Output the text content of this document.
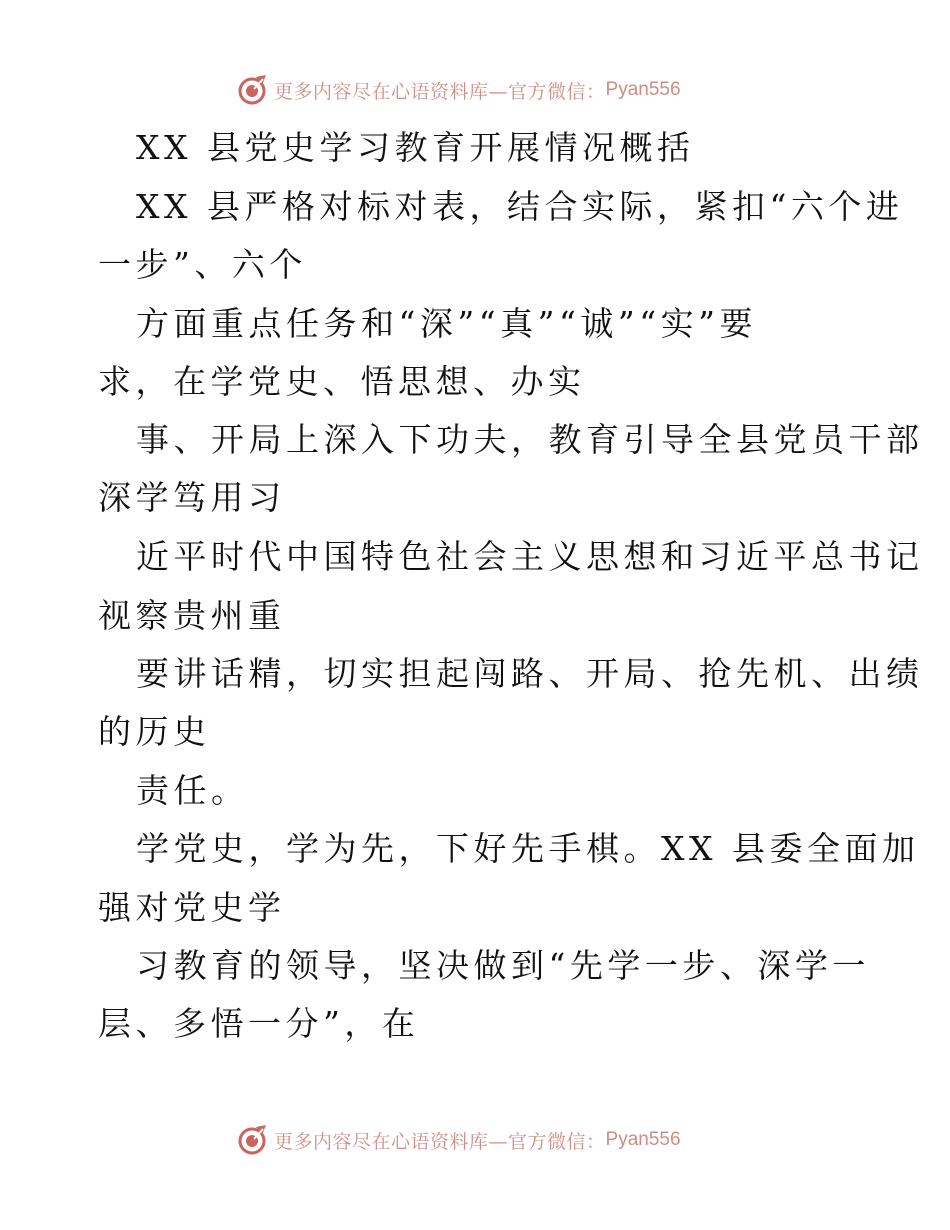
更多内容尽在心语资料库—官方微信： Pyan556
XX 县党史学习教育开展情况概括
XX 县严格对标对表，结合实际，紧扣“六个进
一步”、六个
方面重点任务和“深”“真”“诚”“实”要
求，在学党史、悟思想、办实
事、开局上深入下功夫，教育引导全县党员干部
深学笃用习
近平时代中国特色社会主义思想和习近平总书记
视察贵州重
要讲话精，切实担起闯路、开局、抢先机、出绩
的历史
责任。
学党史，学为先，下好先手棋。XX 县委全面加
强对党史学
习教育的领导，坚决做到“先学一步、深学一
层、多悟一分”，在
更多内容尽在心语资料库—官方微信： Pyan556
